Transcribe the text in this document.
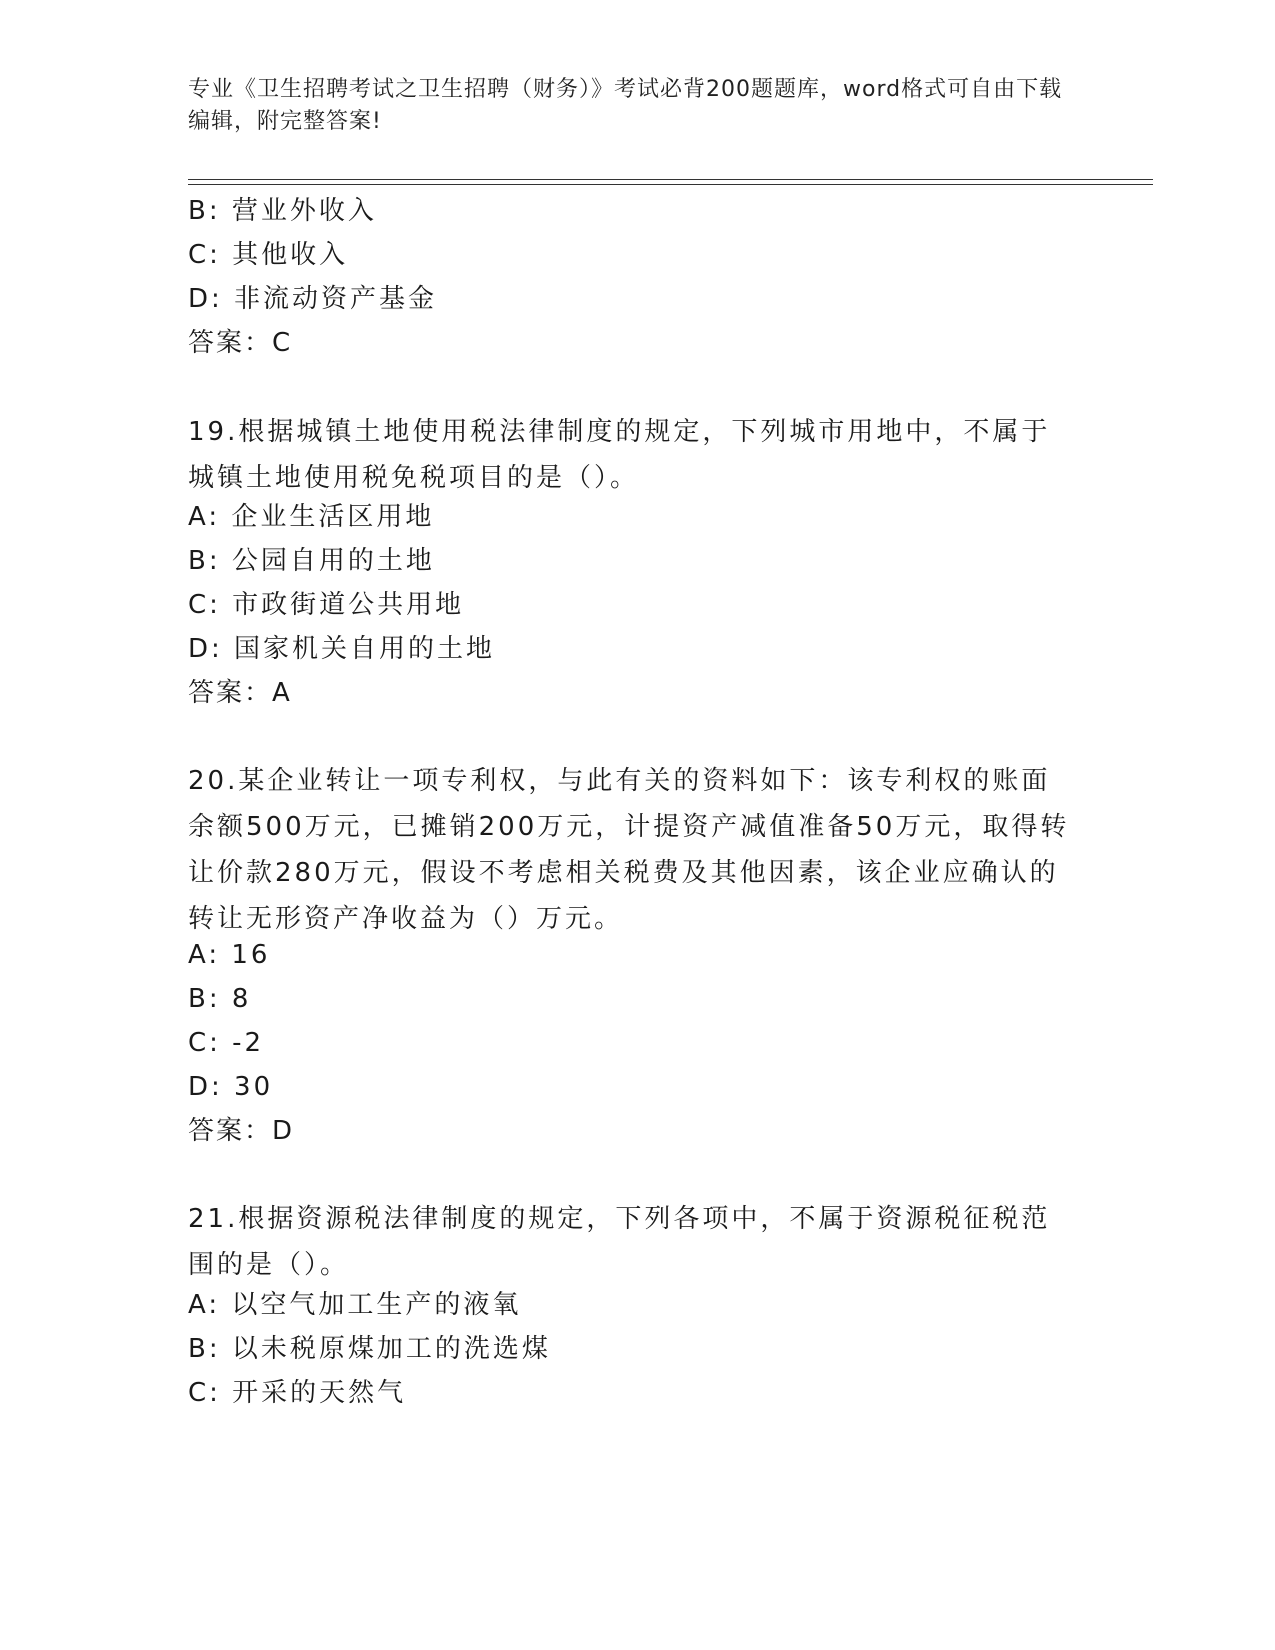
专业《卫生招聘考试之卫生招聘（财务）》考试必背200题题库，word格式可自由下载编辑，附完整答案!
B: 营业外收入
C: 其他收入
D: 非流动资产基金
答案：C
19.根据城镇土地使用税法律制度的规定，下列城市用地中，不属于城镇土地使用税免税项目的是（）。
A: 企业生活区用地
B: 公园自用的土地
C: 市政街道公共用地
D: 国家机关自用的土地
答案：A
20.某企业转让一项专利权，与此有关的资料如下：该专利权的账面余额500万元，已摊销200万元，计提资产减值准备50万元，取得转让价款280万元，假设不考虑相关税费及其他因素，该企业应确认的转让无形资产净收益为（）万元。
A: 16
B: 8
C: -2
D: 30
答案：D
21.根据资源税法律制度的规定，下列各项中，不属于资源税征税范围的是（）。
A: 以空气加工生产的液氧
B: 以未税原煤加工的洗选煤
C: 开采的天然气
